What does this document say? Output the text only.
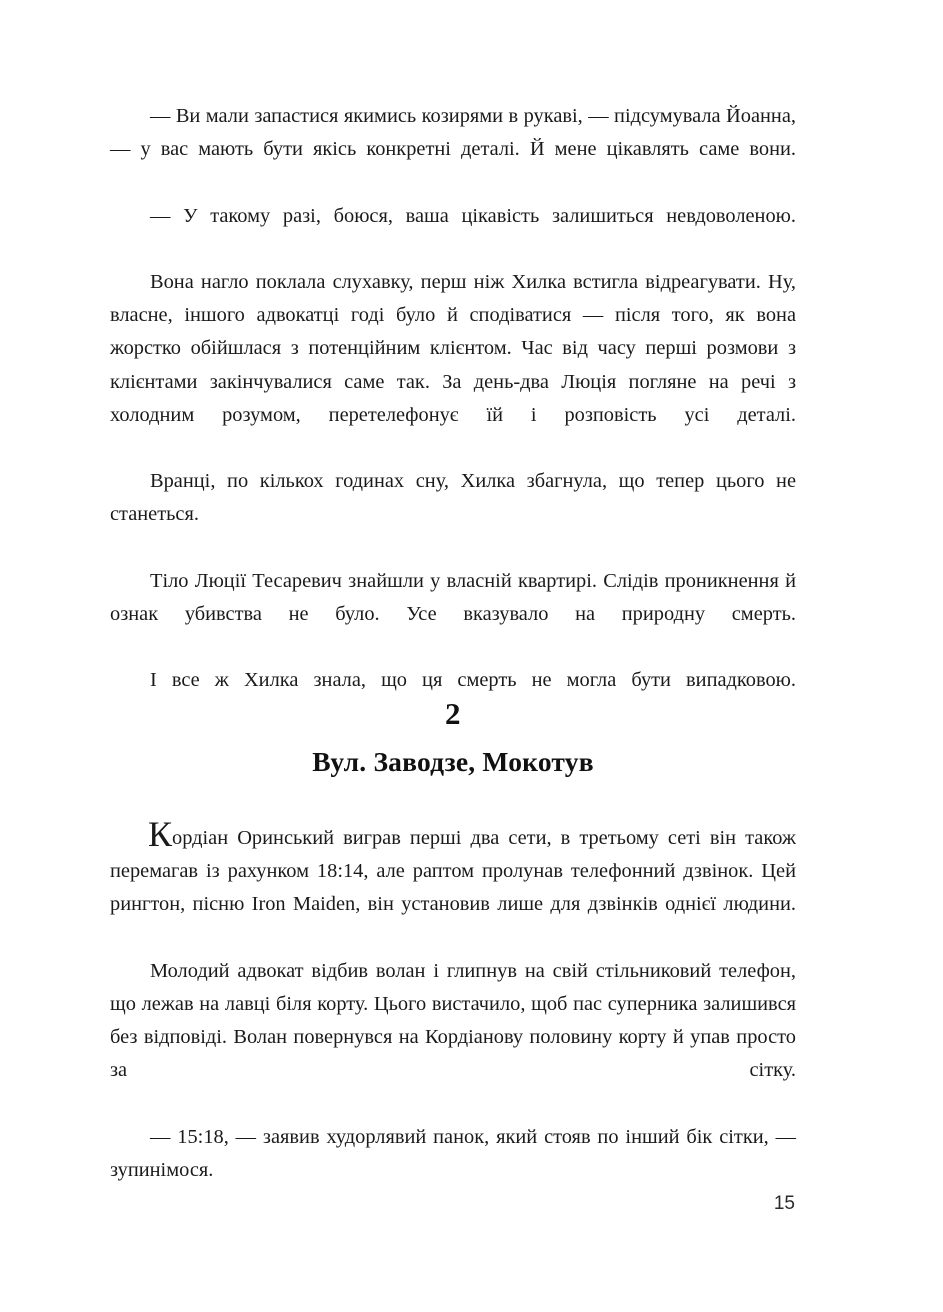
— Ви мали запастися якимись козирями в рукаві, — підсумувала Йоанна, — у вас мають бути якісь конкретні деталі. Й мене цікавлять саме вони.

— У такому разі, боюся, ваша цікавість залишиться невдоволеною.

Вона нагло поклала слухавку, перш ніж Хилка встигла відреагувати. Ну, власне, іншого адвокатці годі було й сподіватися — після того, як вона жорстко обійшлася з потенційним клієнтом. Час від часу перші розмови з клієнтами закінчувалися саме так. За день-два Люція погляне на речі з холодним розумом, перетелефонує їй і розповість усі деталі.

Вранці, по кількох годинах сну, Хилка збагнула, що тепер цього не станеться.

Тіло Люції Тесаревич знайшли у власній квартирі. Слідів проникнення й ознак убивства не було. Усе вказувало на природну смерть.

І все ж Хилка знала, що ця смерть не могла бути випадковою.

2
Вул. Заводзе, Мокотув

Кордіан Оринський виграв перші два сети, в третьому сеті він також перемагав із рахунком 18:14, але раптом пролунав телефонний дзвінок. Цей рингтон, пісню Iron Maiden, він установив лише для дзвінків однієї людини.

Молодий адвокат відбив волан і глипнув на свій стільниковий телефон, що лежав на лавці біля корту. Цього вистачило, щоб пас суперника залишився без відповіді. Волан повернувся на Кордіанову половину корту й упав просто за сітку.

— 15:18, — заявив худорлявий панок, який стояв по інший бік сітки, — зупинімося.

15
